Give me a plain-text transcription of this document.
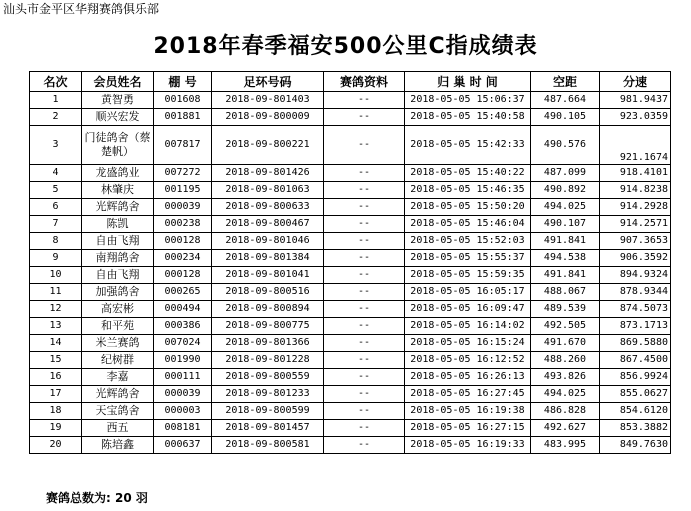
汕头市金平区华翔赛鸽俱乐部
2018年春季福安500公里C指成绩表
名次	会员姓名	棚 号	足环号码	赛鸽资料	归 巢 时 间	空距	分速
1	黄智勇	001608	2018-09-801403	--	2018-05-05 15:06:37	487.664	981.9437
2	顺兴宏发	001881	2018-09-800009	--	2018-05-05 15:40:58	490.105	923.0359
3	门徒鸽舍（蔡楚帆）	007817	2018-09-800221	--	2018-05-05 15:42:33	490.576	921.1674
4	龙盛鸽业	007272	2018-09-801426	--	2018-05-05 15:40:22	487.099	918.4101
5	林肇庆	001195	2018-09-801063	--	2018-05-05 15:46:35	490.892	914.8238
6	光辉鸽舍	000039	2018-09-800633	--	2018-05-05 15:50:20	494.025	914.2928
7	陈凯	000238	2018-09-800467	--	2018-05-05 15:46:04	490.107	914.2571
8	自由飞翔	000128	2018-09-801046	--	2018-05-05 15:52:03	491.841	907.3653
9	南翔鸽舍	000234	2018-09-801384	--	2018-05-05 15:55:37	494.538	906.3592
10	自由飞翔	000128	2018-09-801041	--	2018-05-05 15:59:35	491.841	894.9324
11	加强鸽舍	000265	2018-09-800516	--	2018-05-05 16:05:17	488.067	878.9344
12	高宏彬	000494	2018-09-800894	--	2018-05-05 16:09:47	489.539	874.5073
13	和平苑	000386	2018-09-800775	--	2018-05-05 16:14:02	492.505	873.1713
14	米兰赛鸽	007024	2018-09-801366	--	2018-05-05 16:15:24	491.670	869.5880
15	纪树群	001990	2018-09-801228	--	2018-05-05 16:12:52	488.260	867.4500
16	李嘉	000111	2018-09-800559	--	2018-05-05 16:26:13	493.826	856.9924
17	光辉鸽舍	000039	2018-09-801233	--	2018-05-05 16:27:45	494.025	855.0627
18	天宝鸽舍	000003	2018-09-800599	--	2018-05-05 16:19:38	486.828	854.6120
19	西五	008181	2018-09-801457	--	2018-05-05 16:27:15	492.627	853.3882
20	陈培鑫	000637	2018-09-800581	--	2018-05-05 16:19:33	483.995	849.7630
赛鸽总数为: 20 羽
